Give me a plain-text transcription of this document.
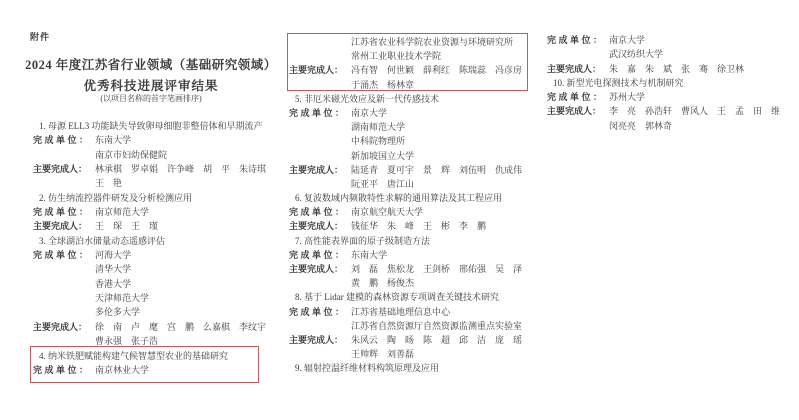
附件
2024 年度江苏省行业领域（基础研究领域）
优秀科技进展评审结果
(以项目名称的首字笔画排序)
1. 母源 ELL3 功能缺失导致卵母细胞非整倍体和早期流产
完成单位： 东南大学
南京市妇幼保健院
主要完成人： 林承棋　罗卓娟　许争峰　胡　平　朱诗琪
王　艳
2. 仿生纳流控器件研发及分析检测应用
完成单位： 南京师范大学
主要完成人： 王　琛　王　瑾
3. 全球湖泊水储量动态遥感评估
完成单位： 河海大学
清华大学
香港大学
天津师范大学
多伦多大学
主要完成人： 徐　南　卢　麾　宫　鹏　么嘉棋　李纹宇
曹永强　张子浩
4. 纳米铁肥赋能构建气候智慧型农业的基础研究
完成单位： 南京林业大学
江苏省农业科学院农业资源与环境研究所
常州工业职业技术学院
主要完成人： 冯有智　何世颖　薛利红　陈瑞蕊　冯彦房
于涌杰　杨林章
5. 非厄米磁光效应及新一代传感技术
完成单位： 南京大学
湖南师范大学
中科院物理所
新加坡国立大学
主要完成人： 陆延青　夏可宇　景　辉　刘伍明　仇成伟
阮亚平　唐江山
6. 复波数域内频散特性求解的通用算法及其工程应用
完成单位： 南京航空航天大学
主要完成人： 钱征华　朱　峰　王　彬　李　鹏
7. 高性能表界面的原子级制造方法
完成单位： 东南大学
主要完成人： 刘　磊　焦松龙　王剑桥　邢佑强　吴　泽
黄　鹏　杨俊杰
8. 基于 Lidar 建模的森林资源专项调查关键技术研究
完成单位： 江苏省基础地理信息中心
江苏省自然资源厅自然资源监测重点实验室
主要完成人： 朱风云　陶　旸　陈　超　邱　洁　庞　瑶
王帅辉　刘善磊
9. 辐射控温纤维材料构筑原理及应用
完成单位： 南京大学
武汉纺织大学
主要完成人： 朱　嘉　朱　斌　张　骞　徐卫林
10. 新型光电探测技术与机制研究
完成单位： 苏州大学
主要完成人： 李　亮　孙浩轩　曹风人　王　孟　田　维
闵亮亮　郭林奇
